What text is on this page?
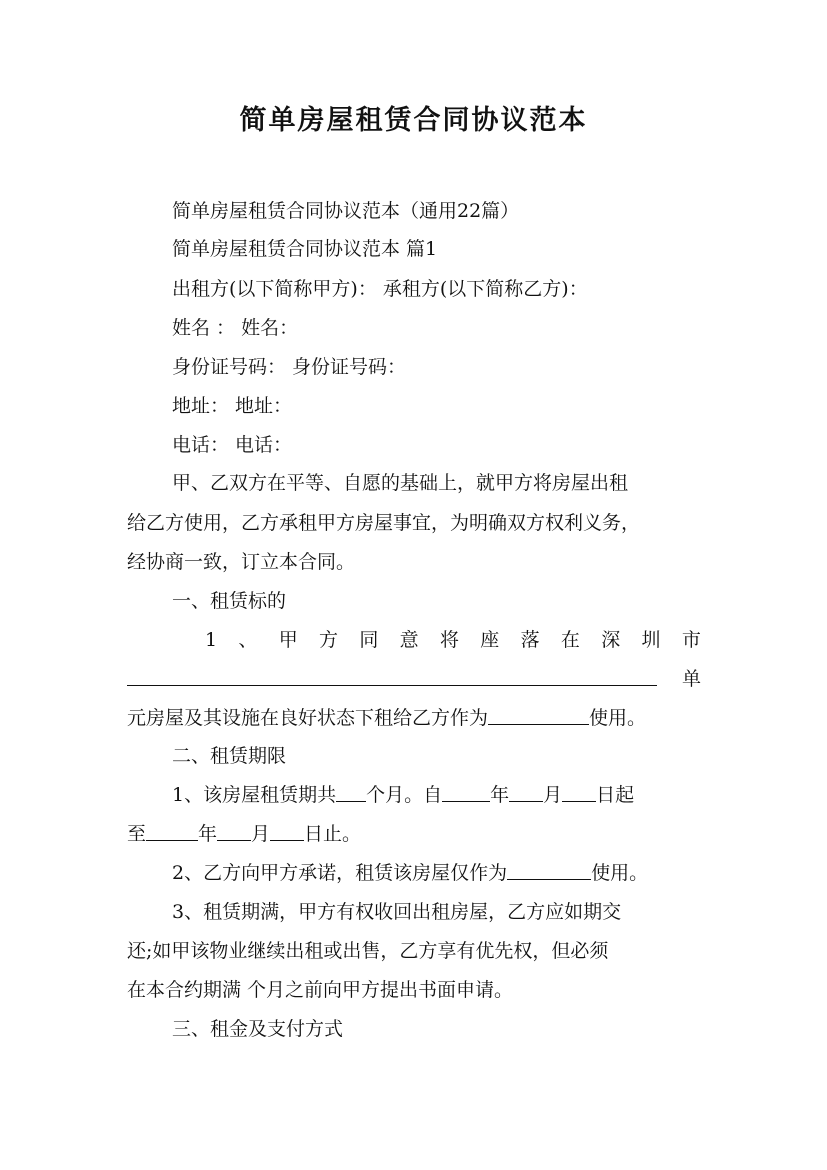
简单房屋租赁合同协议范本
简单房屋租赁合同协议范本（通用22篇）
简单房屋租赁合同协议范本 篇1
出租方(以下简称甲方)： 承租方(以下简称乙方)：
姓名 ： 姓名：
身份证号码： 身份证号码：
地址： 地址：
电话： 电话：
甲、乙双方在平等、自愿的基础上，就甲方将房屋出租
给乙方使用，乙方承租甲方房屋事宜，为明确双方权利义务，
经协商一致，订立本合同。
一、租赁标的
1 、 甲 方 同 意 将 座 落 在 深 圳 市
单
元房屋及其设施在良好状态下租给乙方作为	使用。
二、租赁期限
1、该房屋租赁期共 个月。自	年 月 日起
至	年 月 日止。
2、乙方向甲方承诺，租赁该房屋仅作为	使用。
3、租赁期满，甲方有权收回出租房屋，乙方应如期交
还;如甲该物业继续出租或出售，乙方享有优先权，但必须
在本合约期满 个月之前向甲方提出书面申请。
三、租金及支付方式
